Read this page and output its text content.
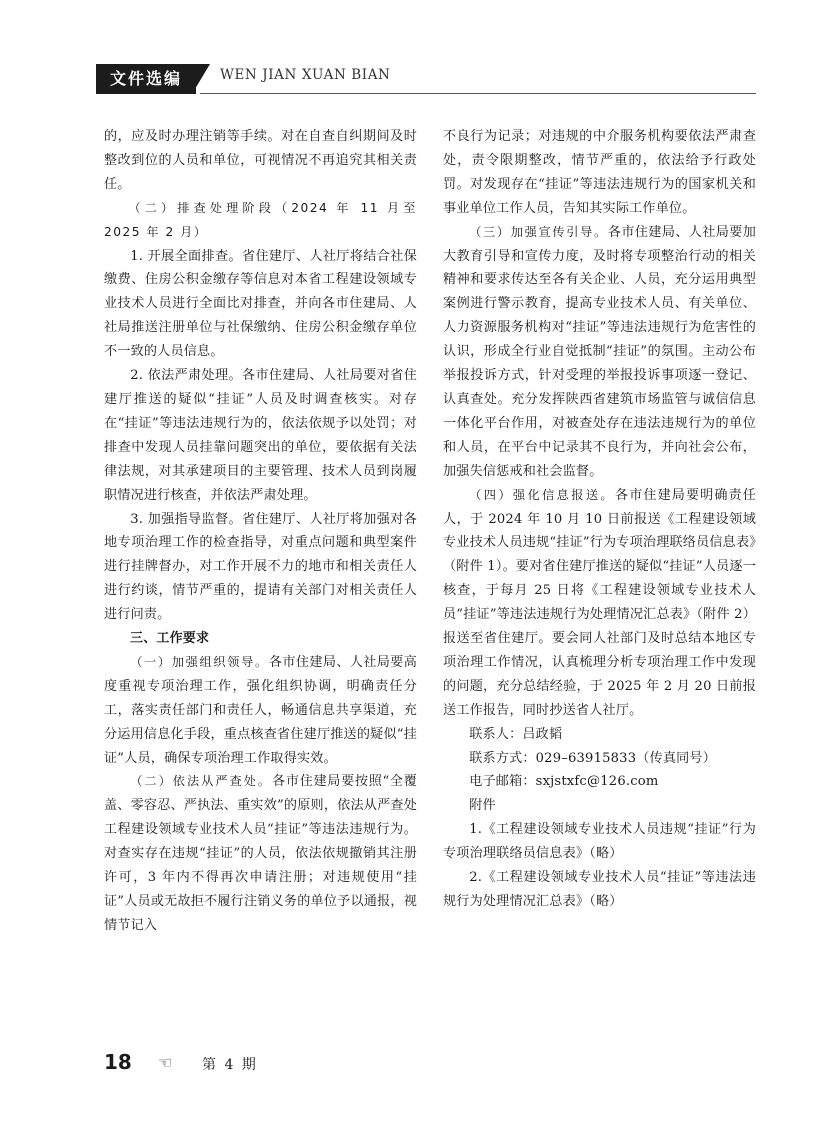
文件选编	WEN JIAN XUAN BIAN

的，应及时办理注销等手续。对在自查自纠期间及时整改到位的人员和单位，可视情况不再追究其相关责任。

（二）排查处理阶段（2024 年 11 月至 2025 年 2 月）

1. 开展全面排查。省住建厅、人社厅将结合社保缴费、住房公积金缴存等信息对本省工程建设领域专业技术人员进行全面比对排查，并向各市住建局、人社局推送注册单位与社保缴纳、住房公积金缴存单位不一致的人员信息。

2. 依法严肃处理。各市住建局、人社局要对省住建厅推送的疑似“挂证”人员及时调查核实。对存在“挂证”等违法违规行为的，依法依规予以处罚；对排查中发现人员挂靠问题突出的单位，要依据有关法律法规，对其承建项目的主要管理、技术人员到岗履职情况进行核查，并依法严肃处理。

3. 加强指导监督。省住建厅、人社厅将加强对各地专项治理工作的检查指导，对重点问题和典型案件进行挂牌督办，对工作开展不力的地市和相关责任人进行约谈，情节严重的，提请有关部门对相关责任人进行问责。

三、工作要求

（一）加强组织领导。各市住建局、人社局要高度重视专项治理工作，强化组织协调，明确责任分工，落实责任部门和责任人，畅通信息共享渠道，充分运用信息化手段，重点核查省住建厅推送的疑似“挂证”人员，确保专项治理工作取得实效。

（二）依法从严查处。各市住建局要按照“全覆盖、零容忍、严执法、重实效”的原则，依法从严查处工程建设领域专业技术人员“挂证”等违法违规行为。对查实存在违规“挂证”的人员，依法依规撤销其注册许可，3 年内不得再次申请注册；对违规使用“挂证”人员或无故拒不履行注销义务的单位予以通报，视情节记入

不良行为记录；对违规的中介服务机构要依法严肃查处，责令限期整改，情节严重的，依法给予行政处罚。对发现存在“挂证”等违法违规行为的国家机关和事业单位工作人员，告知其实际工作单位。

（三）加强宣传引导。各市住建局、人社局要加大教育引导和宣传力度，及时将专项整治行动的相关精神和要求传达至各有关企业、人员，充分运用典型案例进行警示教育，提高专业技术人员、有关单位、人力资源服务机构对“挂证”等违法违规行为危害性的认识，形成全行业自觉抵制“挂证”的氛围。主动公布举报投诉方式，针对受理的举报投诉事项逐一登记、认真查处。充分发挥陕西省建筑市场监管与诚信信息一体化平台作用，对被查处存在违法违规行为的单位和人员，在平台中记录其不良行为，并向社会公布，加强失信惩戒和社会监督。

（四）强化信息报送。各市住建局要明确责任人，于 2024 年 10 月 10 日前报送《工程建设领域专业技术人员违规“挂证”行为专项治理联络员信息表》（附件 1）。要对省住建厅推送的疑似“挂证”人员逐一核查，于每月 25 日将《工程建设领域专业技术人员“挂证”等违法违规行为处理情况汇总表》（附件 2）报送至省住建厅。要会同人社部门及时总结本地区专项治理工作情况，认真梳理分析专项治理工作中发现的问题，充分总结经验，于 2025 年 2 月 20 日前报送工作报告，同时抄送省人社厅。

联系人：吕政韬

联系方式：029–63915833（传真同号）

电子邮箱：sxjstxfc@126.com

附件

1.《工程建设领域专业技术人员违规“挂证”行为专项治理联络员信息表》（略）

2.《工程建设领域专业技术人员“挂证”等违法违规行为处理情况汇总表》（略）

18 ☜ 第 4 期
